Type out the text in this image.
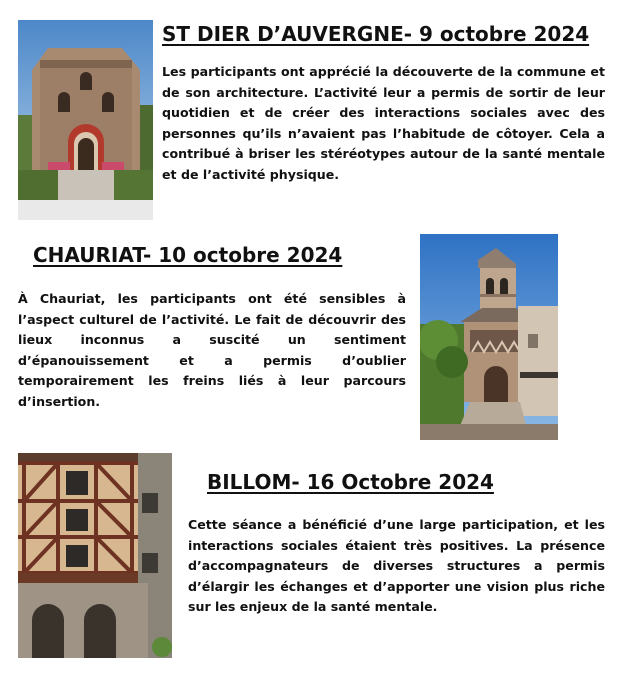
ST DIER D’AUVERGNE- 9 octobre 2024

Les participants ont apprécié la découverte de la commune et de son architecture. L’activité leur a permis de sortir de leur quotidien et de créer des interactions sociales avec des personnes qu’ils n’avaient pas l’habitude de côtoyer. Cela a contribué à briser les stéréotypes autour de la santé mentale et de l’activité physique.

CHAURIAT- 10 octobre 2024

À Chauriat, les participants ont été sensibles à l’aspect culturel de l’activité. Le fait de découvrir des lieux inconnus a suscité un sentiment d’épanouissement et a permis d’oublier temporairement les freins liés à leur parcours d’insertion.

BILLOM- 16 Octobre 2024

Cette séance a bénéficié d’une large participation, et les interactions sociales étaient très positives. La présence d’accompagnateurs de diverses structures a permis d’élargir les échanges et d’apporter une vision plus riche sur les enjeux de la santé mentale.
